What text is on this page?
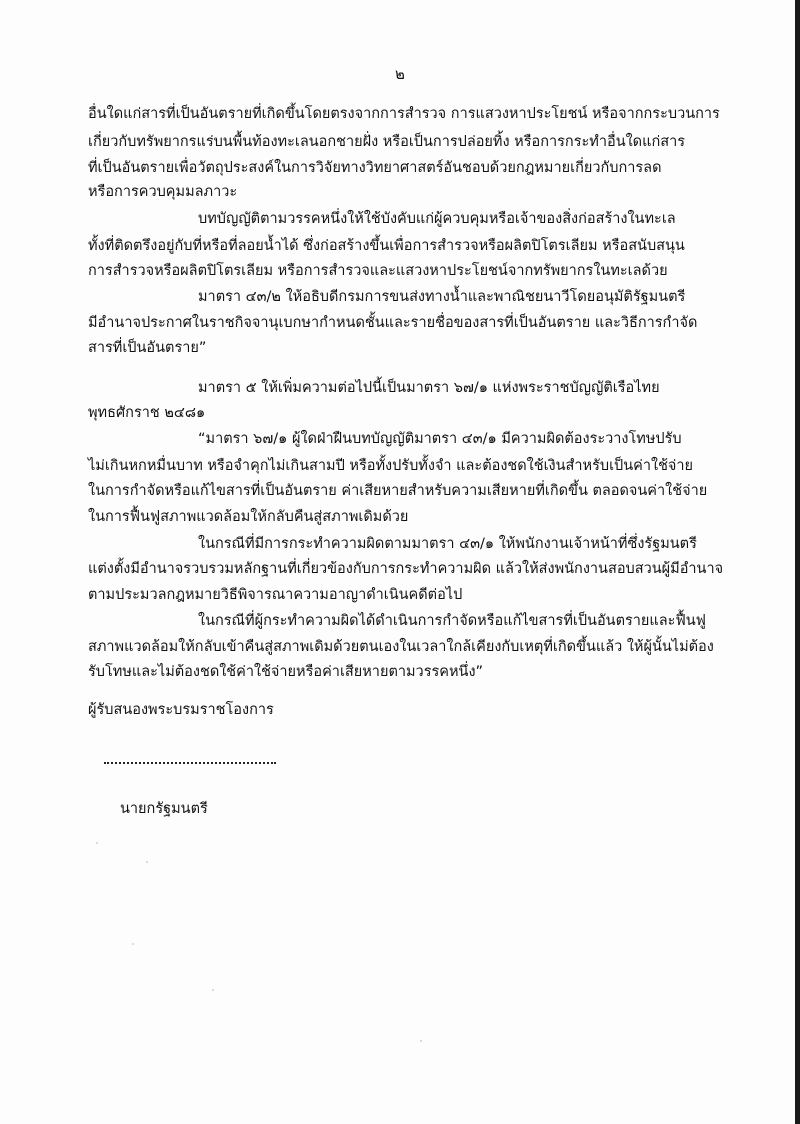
๒
อื่นใดแก่สารที่เป็นอันตรายที่เกิดขึ้นโดยตรงจากการสำรวจ การแสวงหาประโยชน์ หรือจากกระบวนการ
เกี่ยวกับทรัพยากรแร่บนพื้นท้องทะเลนอกชายฝั่ง หรือเป็นการปล่อยทิ้ง หรือการกระทำอื่นใดแก่สาร
ที่เป็นอันตรายเพื่อวัตถุประสงค์ในการวิจัยทางวิทยาศาสตร์อันชอบด้วยกฎหมายเกี่ยวกับการลด
หรือการควบคุมมลภาวะ
บทบัญญัติตามวรรคหนึ่งให้ใช้บังคับแก่ผู้ควบคุมหรือเจ้าของสิ่งก่อสร้างในทะเล
ทั้งที่ติดตรึงอยู่กับที่หรือที่ลอยน้ำได้ ซึ่งก่อสร้างขึ้นเพื่อการสำรวจหรือผลิตปิโตรเลียม หรือสนับสนุน
การสำรวจหรือผลิตปิโตรเลียม หรือการสำรวจและแสวงหาประโยชน์จากทรัพยากรในทะเลด้วย
มาตรา ๔๓/๒ ให้อธิบดีกรมการขนส่งทางน้ำและพาณิชยนาวีโดยอนุมัติรัฐมนตรี
มีอำนาจประกาศในราชกิจจานุเบกษากำหนดชั้นและรายชื่อของสารที่เป็นอันตราย และวิธีการกำจัด
สารที่เป็นอันตราย”
มาตรา ๕ ให้เพิ่มความต่อไปนี้เป็นมาตรา ๖๗/๑ แห่งพระราชบัญญัติเรือไทย
พุทธศักราช ๒๔๘๑
“มาตรา ๖๗/๑ ผู้ใดฝ่าฝืนบทบัญญัติมาตรา ๔๓/๑ มีความผิดต้องระวางโทษปรับ
ไม่เกินหกหมื่นบาท หรือจำคุกไม่เกินสามปี หรือทั้งปรับทั้งจำ และต้องชดใช้เงินสำหรับเป็นค่าใช้จ่าย
ในการกำจัดหรือแก้ไขสารที่เป็นอันตราย ค่าเสียหายสำหรับความเสียหายที่เกิดขึ้น ตลอดจนค่าใช้จ่าย
ในการฟื้นฟูสภาพแวดล้อมให้กลับคืนสู่สภาพเดิมด้วย
ในกรณีที่มีการกระทำความผิดตามมาตรา ๔๓/๑ ให้พนักงานเจ้าหน้าที่ซึ่งรัฐมนตรี
แต่งตั้งมีอำนาจรวบรวมหลักฐานที่เกี่ยวข้องกับการกระทำความผิด แล้วให้ส่งพนักงานสอบสวนผู้มีอำนาจ
ตามประมวลกฎหมายวิธีพิจารณาความอาญาดำเนินคดีต่อไป
ในกรณีที่ผู้กระทำความผิดได้ดำเนินการกำจัดหรือแก้ไขสารที่เป็นอันตรายและฟื้นฟู
สภาพแวดล้อมให้กลับเข้าคืนสู่สภาพเดิมด้วยตนเองในเวลาใกล้เคียงกับเหตุที่เกิดขึ้นแล้ว ให้ผู้นั้นไม่ต้อง
รับโทษและไม่ต้องชดใช้ค่าใช้จ่ายหรือค่าเสียหายตามวรรคหนึ่ง”
ผู้รับสนองพระบรมราชโองการ
นายกรัฐมนตรี
